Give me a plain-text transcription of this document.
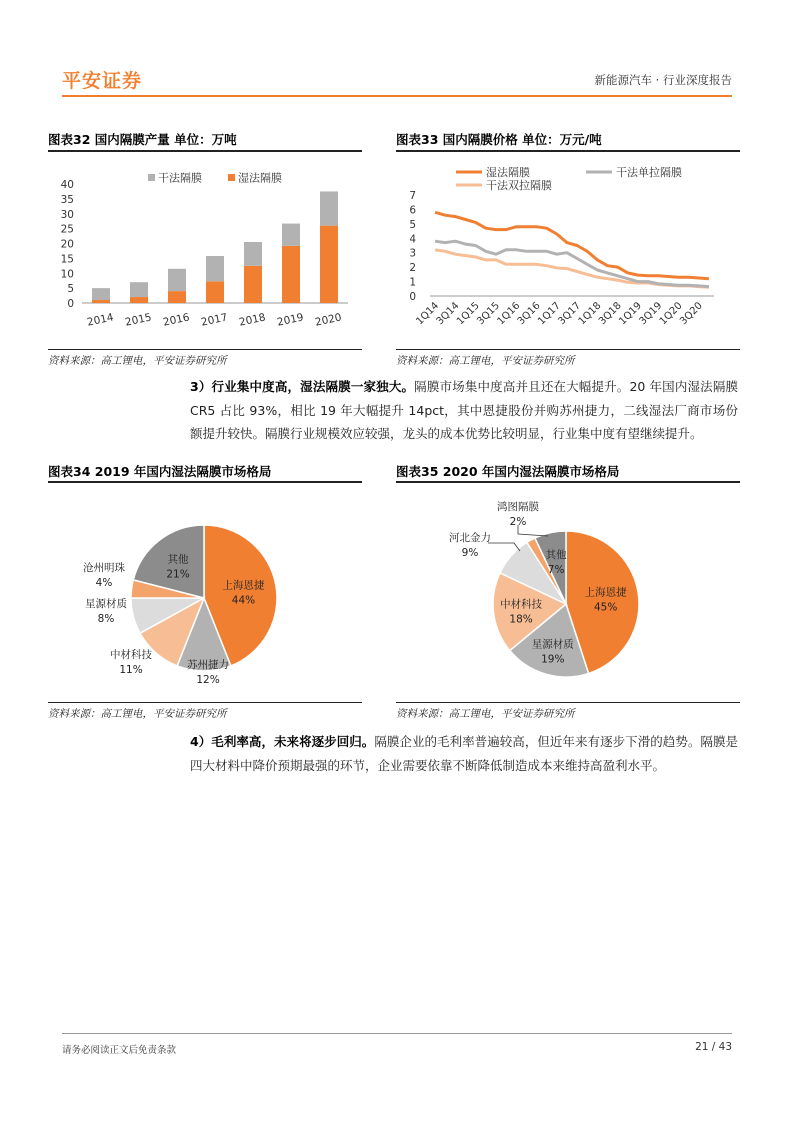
平安证券	新能源汽车 · 行业深度报告
图表32 国内隔膜产量 单位：万吨
干法隔膜	湿法隔膜
0
5
10
15
20
25
30
35
40
2014 2015 2016 2017 2018 2019 2020
资料来源：高工锂电，平安证券研究所
图表33 国内隔膜价格 单位：万元/吨
湿法隔膜	干法单拉隔膜
干法双拉隔膜
0
1
2
3
4
5
6
7
1Q14
3Q14
1Q15
3Q15
1Q16
3Q16
1Q17
3Q17
1Q18
3Q18
1Q19
3Q19
1Q20
3Q20
资料来源：高工锂电，平安证券研究所
3）行业集中度高，湿法隔膜一家独大。隔膜市场集中度高并且还在大幅提升。20 年国内湿法隔膜 CR5 占比 93%，相比 19 年大幅提升 14pct，其中恩捷股份并购苏州捷力，二线湿法厂商市场份额提升较快。隔膜行业规模效应较强，龙头的成本优势比较明显，行业集中度有望继续提升。
图表34 2019 年国内湿法隔膜市场格局
上海恩捷
44%
苏州捷力
12%
中材科技
11%
星源材质
8%
沧州明珠
4%
其他
21%
资料来源：高工锂电，平安证券研究所
图表35 2020 年国内湿法隔膜市场格局
上海恩捷
45%
星源材质
19%
中材科技
18%
河北金力
9%
鸿图隔膜
2%
其他
7%
资料来源：高工锂电，平安证券研究所
4）毛利率高，未来将逐步回归。隔膜企业的毛利率普遍较高，但近年来有逐步下滑的趋势。隔膜是四大材料中降价预期最强的环节，企业需要依靠不断降低制造成本来维持高盈利水平。
请务必阅读正文后免责条款	21 / 43
